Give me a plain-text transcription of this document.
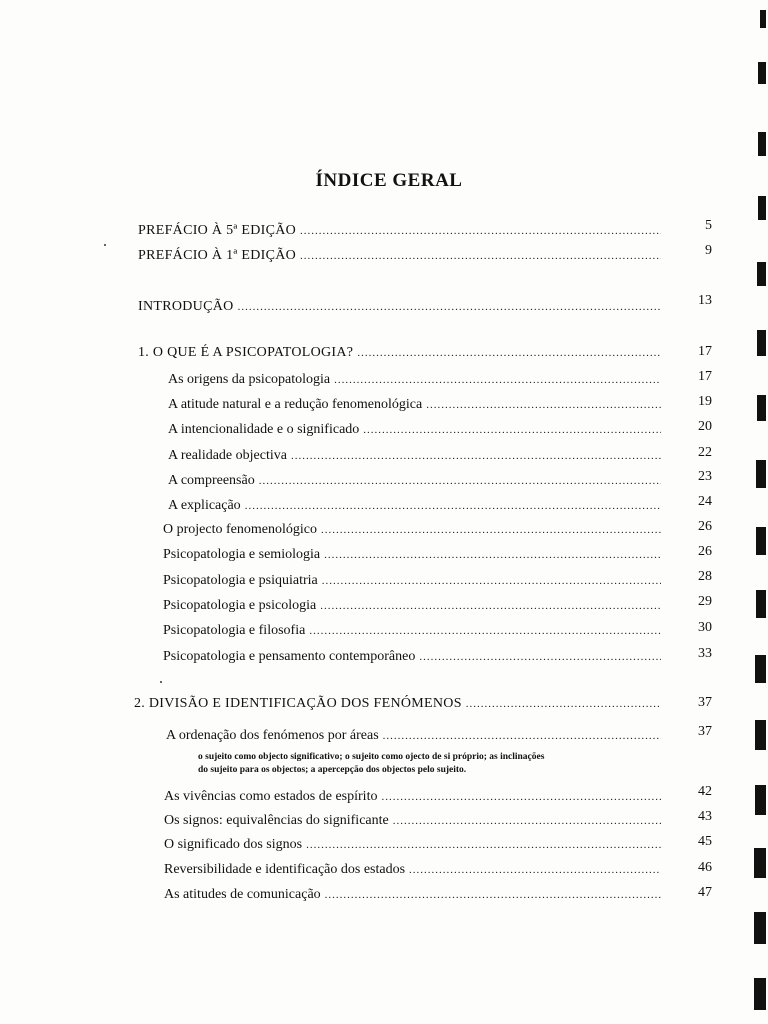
ÍNDICE GERAL
PREFÁCIO À 5ª EDIÇÃO .....	5
PREFÁCIO À 1ª EDIÇÃO .....	9
INTRODUÇÃO .....	13
1. O QUE É A PSICOPATOLOGIA? .....	17
As origens da psicopatologia .....	17
A atitude natural e a redução fenomenológica .....	19
A intencionalidade e o significado .....	20
A realidade objectiva .....	22
A compreensão .....	23
A explicação .....	24
O projecto fenomenológico .....	26
Psicopatologia e semiologia .....	26
Psicopatologia e psiquiatria .....	28
Psicopatologia e psicologia .....	29
Psicopatologia e filosofia .....	30
Psicopatologia e pensamento contemporâneo .....	33
2. DIVISÃO E IDENTIFICAÇÃO DOS FENÓMENOS .....	37
A ordenação dos fenómenos por áreas .....	37
o sujeito como objecto significativo; o sujeito como ojecto de si próprio; as inclinações
do sujeito para os objectos; a apercepção dos objectos pelo sujeito.
As vivências como estados de espírito .....	42
Os signos: equivalências do significante .....	43
O significado dos signos .....	45
Reversibilidade e identificação dos estados .....	46
As atitudes de comunicação .....	47
